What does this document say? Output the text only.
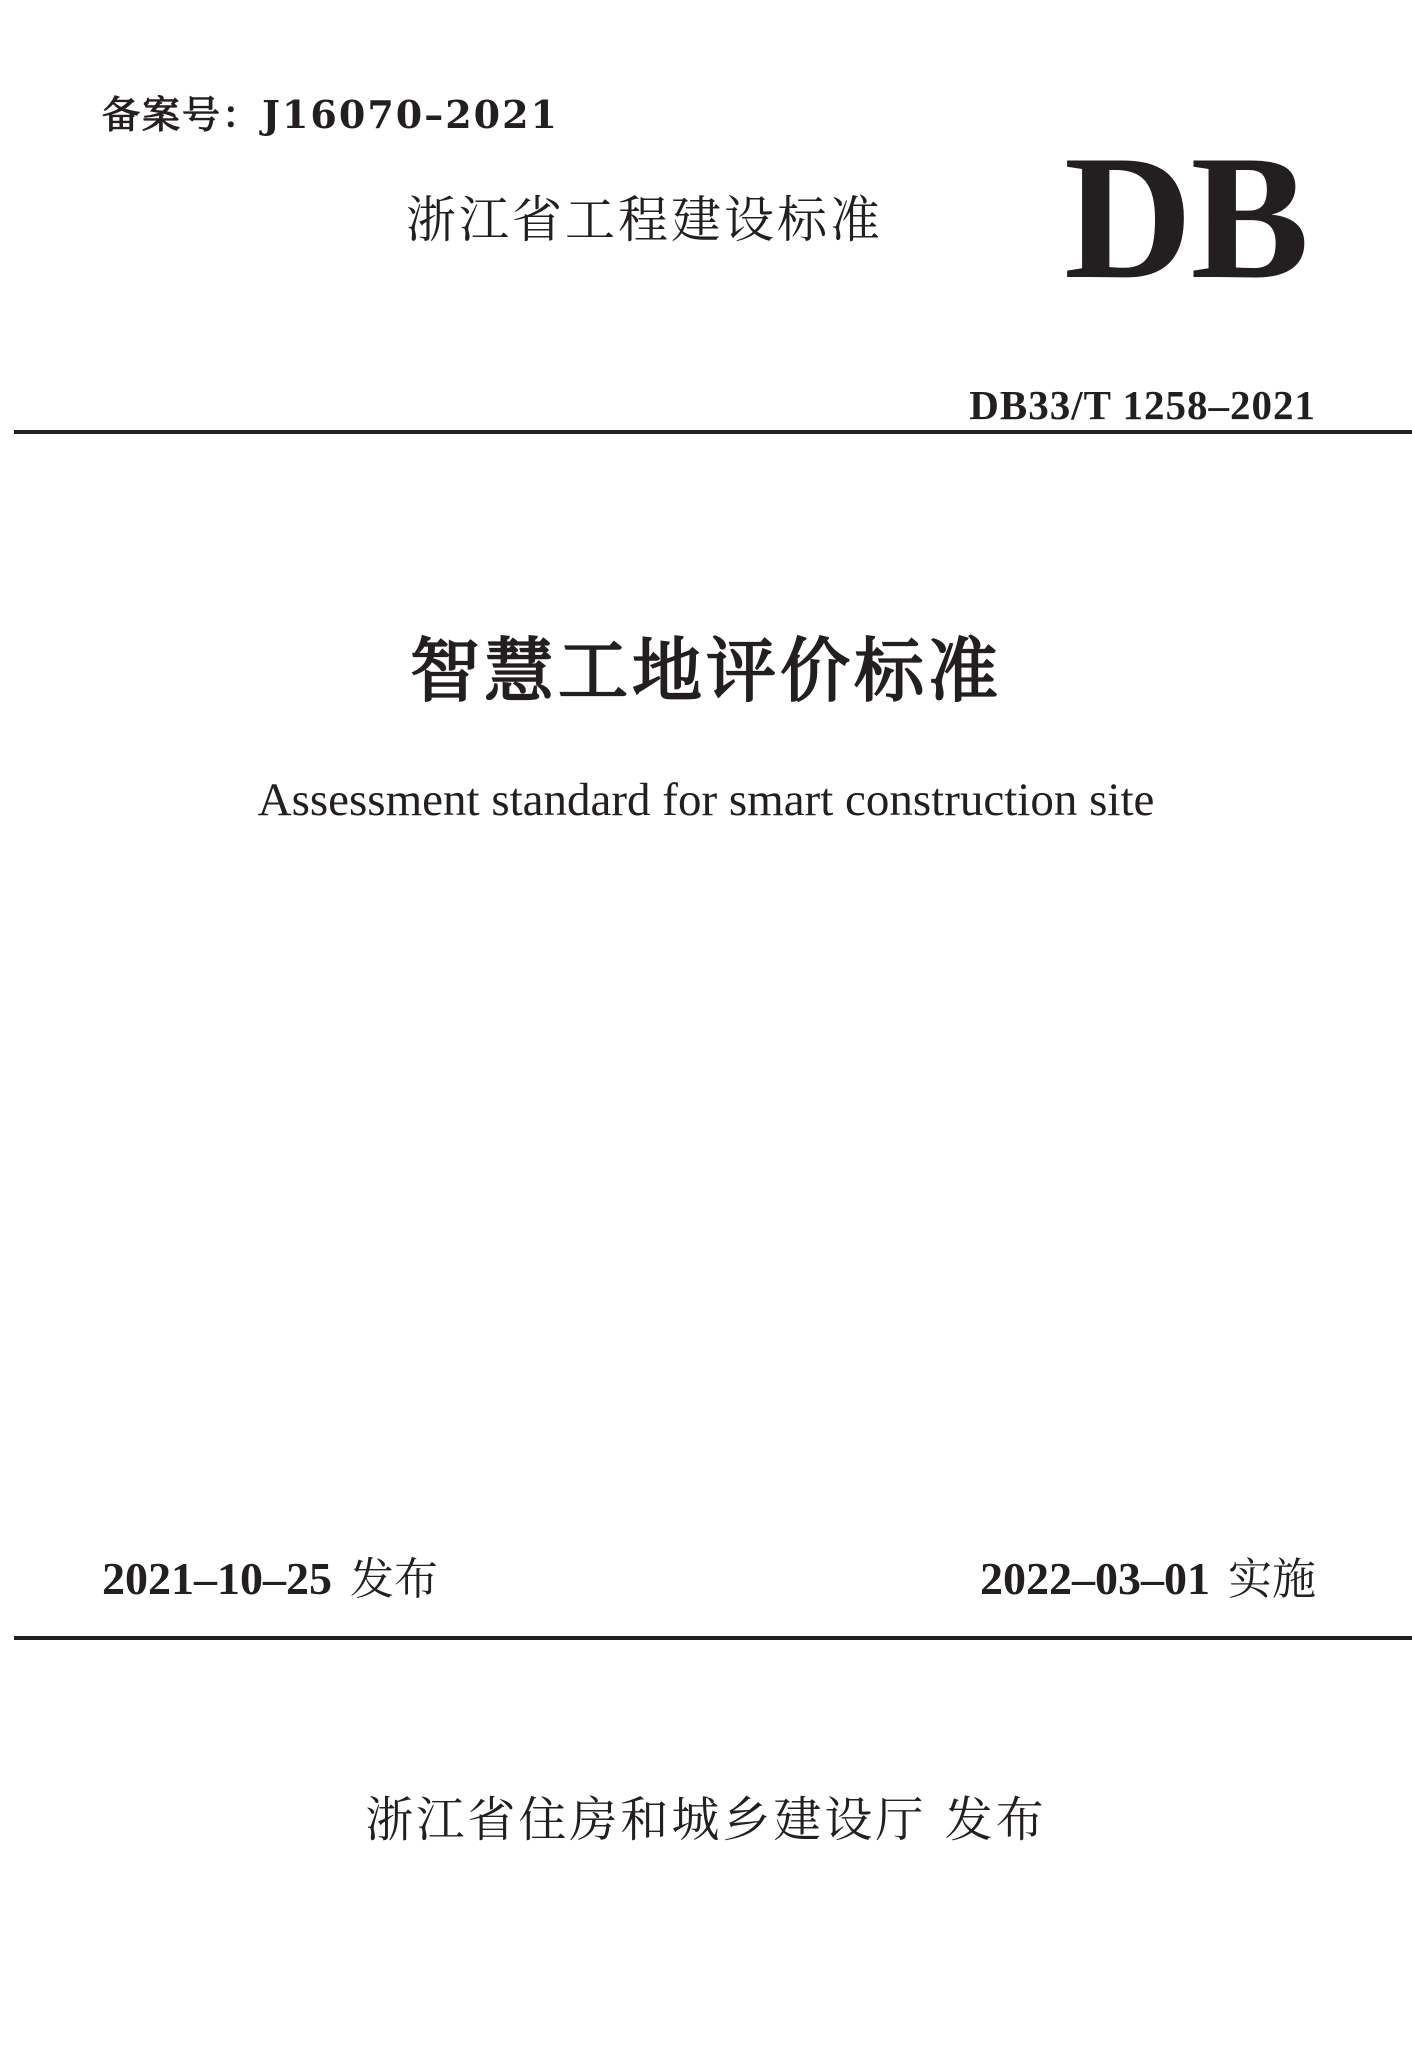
备案号：J16070–2021
浙江省工程建设标准 DB
DB33/T 1258–2021
智慧工地评价标准
Assessment standard for smart construction site
2021–10–25 发布	2022–03–01 实施
浙江省住房和城乡建设厅 发布
